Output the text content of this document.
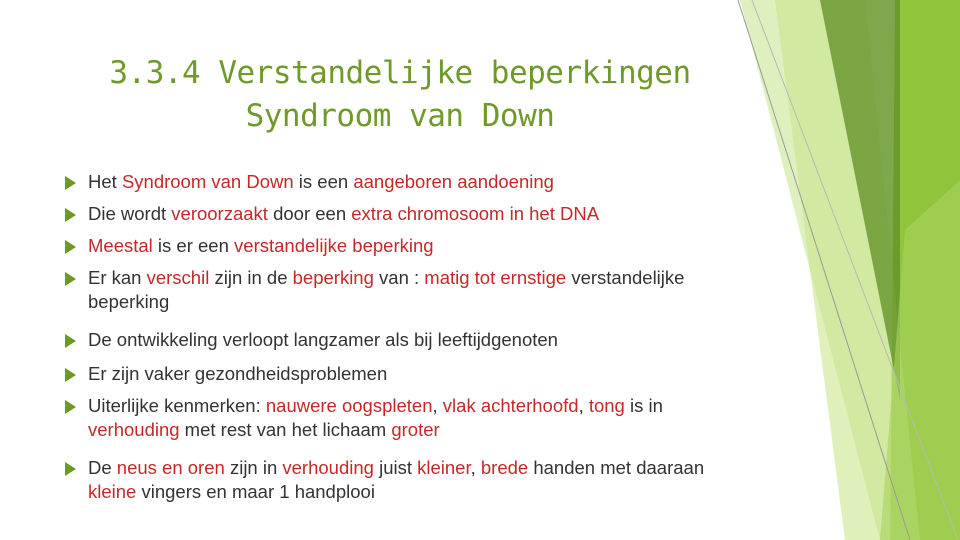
3.3.4 Verstandelijke beperkingen
Syndroom van Down
Het Syndroom van Down is een aangeboren aandoening
Die wordt veroorzaakt door een extra chromosoom in het DNA
Meestal is er een verstandelijke beperking
Er kan verschil zijn in de beperking van : matig tot ernstige verstandelijke beperking
De ontwikkeling verloopt langzamer als bij leeftijdgenoten
Er zijn vaker gezondheidsproblemen
Uiterlijke kenmerken: nauwere oogspleten, vlak achterhoofd, tong is in verhouding met rest van het lichaam groter
De neus en oren zijn in verhouding juist kleiner, brede handen met daaraan kleine vingers en maar 1 handplooi
